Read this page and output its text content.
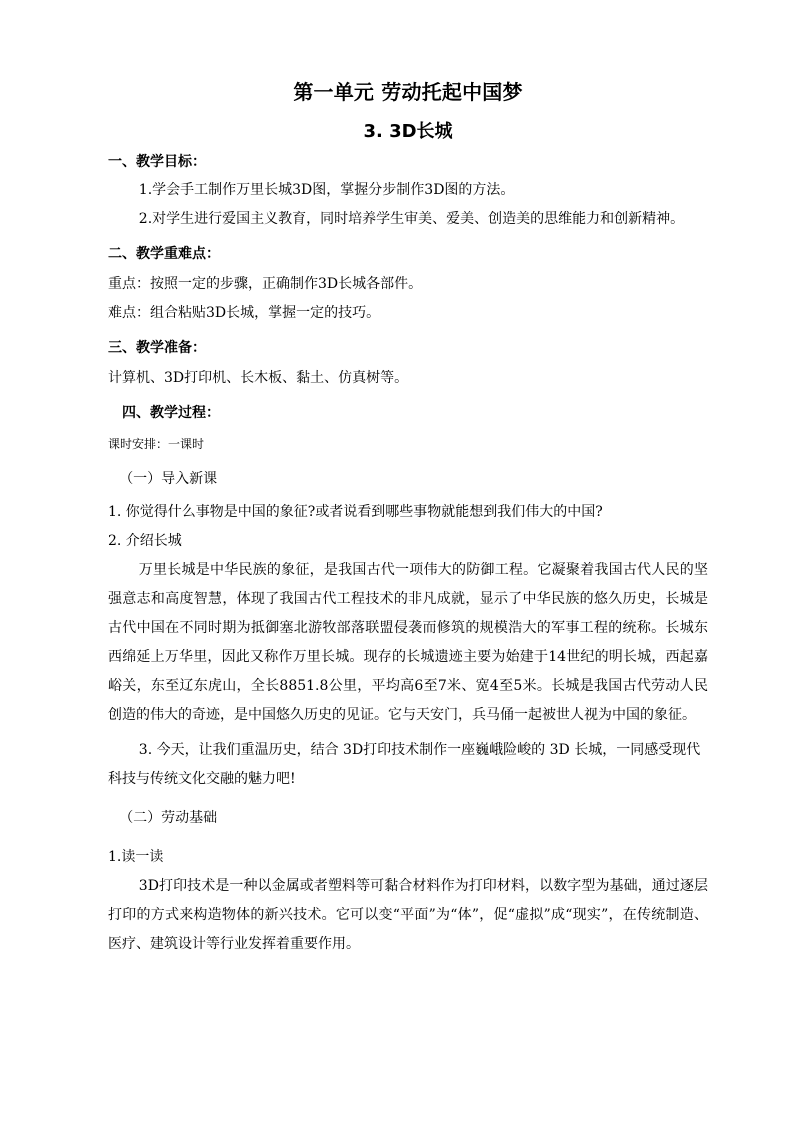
第一单元 劳动托起中国梦
3. 3D长城
一、教学目标：
1.学会手工制作万里长城3D图，掌握分步制作3D图的方法。
2.对学生进行爱国主义教育，同时培养学生审美、爱美、创造美的思维能力和创新精神。
二、教学重难点：
重点：按照一定的步骤，正确制作3D长城各部件。
难点：组合粘贴3D长城，掌握一定的技巧。
三、教学准备：
计算机、3D打印机、长木板、黏土、仿真树等。
四、教学过程：
课时安排：一课时
（一）导入新课
1. 你觉得什么事物是中国的象征?或者说看到哪些事物就能想到我们伟大的中国?
2. 介绍长城
万里长城是中华民族的象征，是我国古代一项伟大的防御工程。它凝聚着我国古代人民的坚强意志和高度智慧，体现了我国古代工程技术的非凡成就，显示了中华民族的悠久历史，长城是古代中国在不同时期为抵御塞北游牧部落联盟侵袭而修筑的规模浩大的军事工程的统称。长城东西绵延上万华里，因此又称作万里长城。现存的长城遗迹主要为始建于14世纪的明长城，西起嘉峪关，东至辽东虎山，全长8851.8公里，平均高6至7米、宽4至5米。长城是我国古代劳动人民创造的伟大的奇迹，是中国悠久历史的见证。它与天安门，兵马俑一起被世人视为中国的象征。
3. 今天，让我们重温历史，结合 3D打印技术制作一座巍峨险峻的 3D 长城，一同感受现代科技与传统文化交融的魅力吧!
（二）劳动基础
1.读一读
3D打印技术是一种以金属或者塑料等可黏合材料作为打印材料，以数字型为基础，通过逐层打印的方式来构造物体的新兴技术。它可以变“平面”为“体”，促“虚拟”成“现实”，在传统制造、医疗、建筑设计等行业发挥着重要作用。
